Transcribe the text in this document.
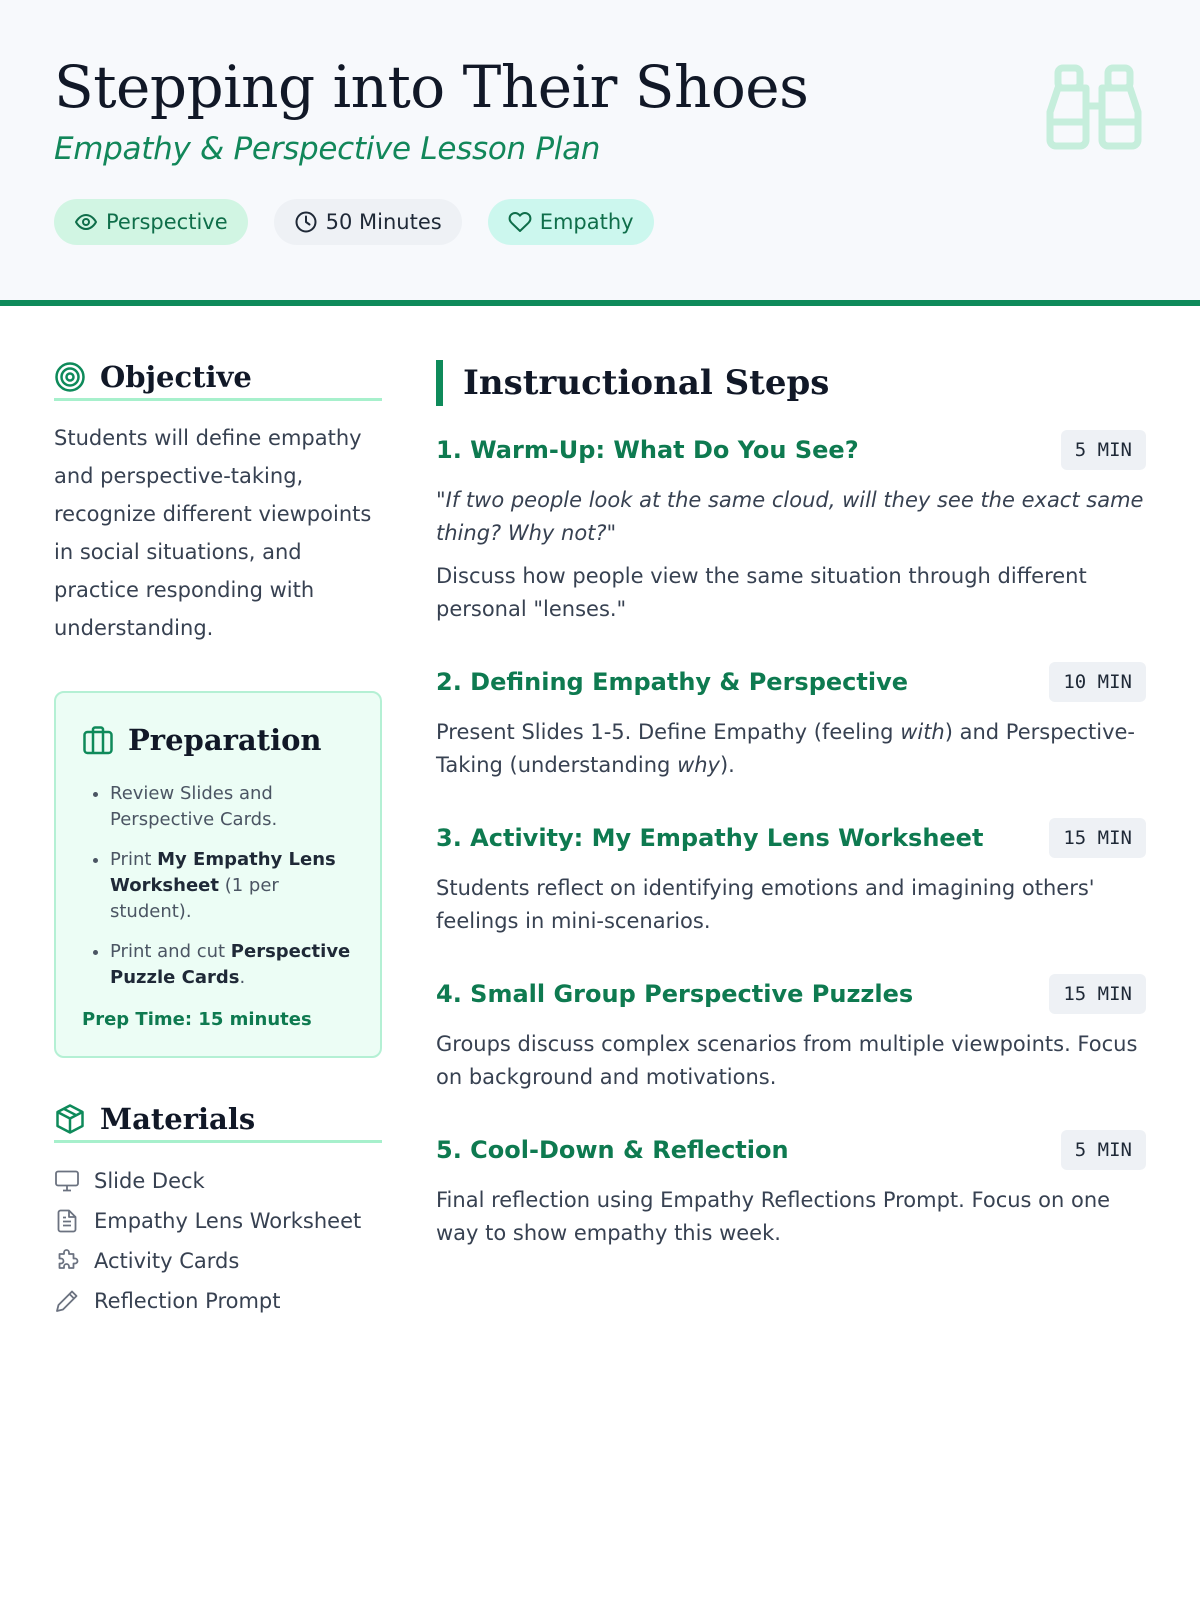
Stepping into Their Shoes
Empathy & Perspective Lesson Plan
Perspective	50 Minutes	Empathy
Objective

Students will define empathy and perspective-taking, recognize different viewpoints in social situations, and practice responding with understanding.

Preparation
• Review Slides and Perspective Cards.
• Print My Empathy Lens Worksheet (1 per student).
• Print and cut Perspective Puzzle Cards.
Prep Time: 15 minutes
Materials
Slide Deck
Empathy Lens Worksheet
Activity Cards
Reflection Prompt
Instructional Steps
1. Warm-Up: What Do You See?	5 MIN

"If two people look at the same cloud, will they see the exact same thing? Why not?"

Discuss how people view the same situation through different personal "lenses."

2. Defining Empathy & Perspective	10 MIN

Present Slides 1-5. Define Empathy (feeling with) and Perspective-Taking (understanding why).

3. Activity: My Empathy Lens Worksheet	15 MIN

Students reflect on identifying emotions and imagining others' feelings in mini-scenarios.

4. Small Group Perspective Puzzles	15 MIN

Groups discuss complex scenarios from multiple viewpoints. Focus on background and motivations.

5. Cool-Down & Reflection	5 MIN

Final reflection using Empathy Reflections Prompt. Focus on one way to show empathy this week.
